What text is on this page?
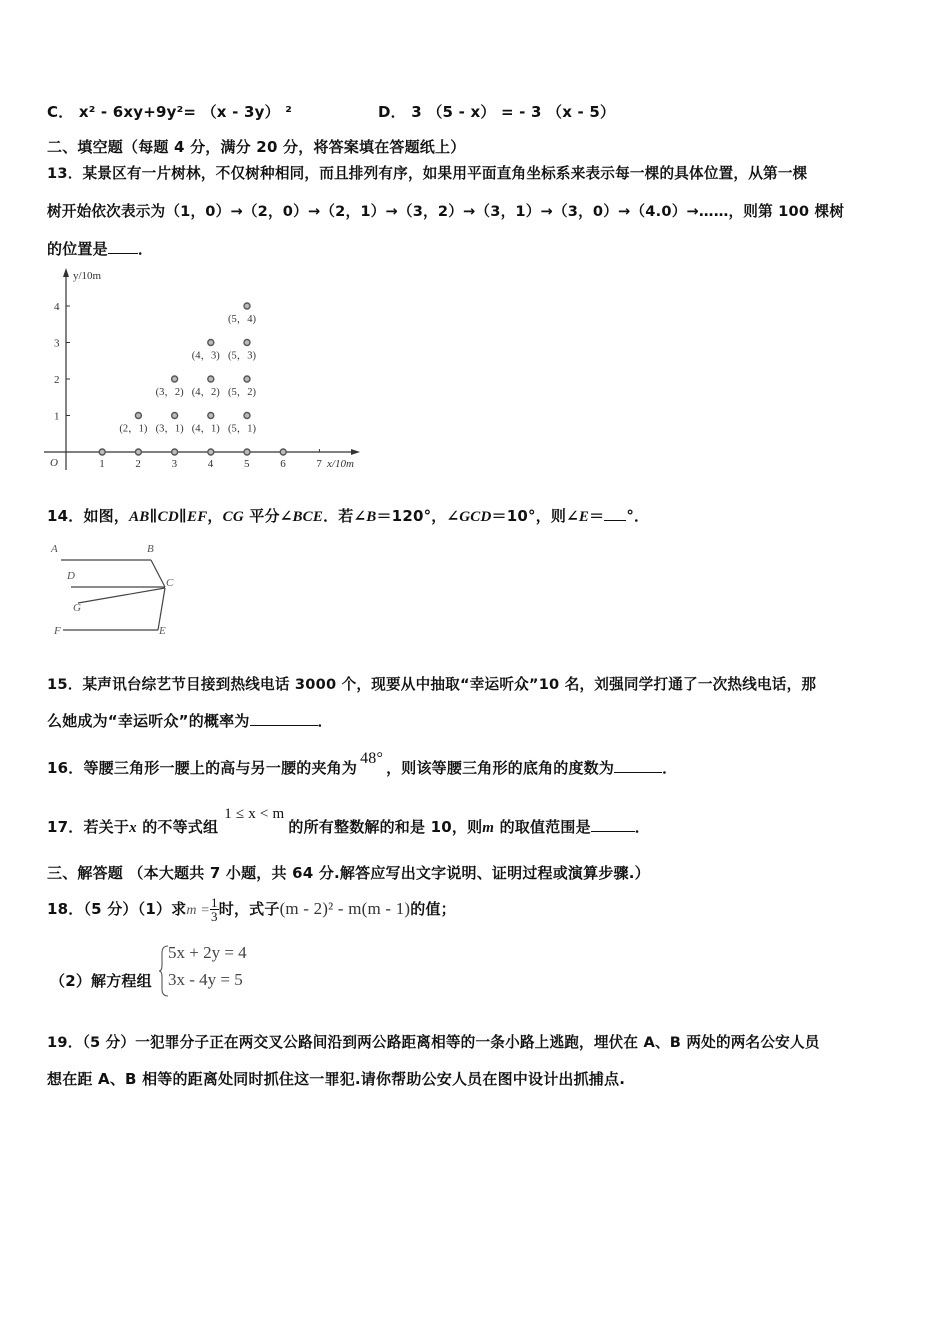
C． x² - 6xy+9y²= （x - 3y） ²	D． 3 （5 - x） = - 3 （x - 5）
二、填空题（每题 4 分，满分 20 分，将答案填在答题纸上）
13．某景区有一片树林，不仅树种相同，而且排列有序，如果用平面直角坐标系来表示每一棵的具体位置，从第一棵
树开始依次表示为（1，0）→（2，0）→（2，1）→（3，2）→（3，1）→（3，0）→（4.0）→……，则第 100 棵树
的位置是 ．
y/10m
x/10m
O	1	2	3	4	5	6	7
1
2
3
4
(2，1) (3，1) (4，1) (5，1)
(3，2) (4，2) (5，2)
(4，3) (5，3)
(5，4)
14．如图，AB∥CD∥EF，CG 平分∠BCE．若∠B＝120°，∠GCD＝10°，则∠E＝ °．
A	B
C
D
G
F	E
15．某声讯台综艺节目接到热线电话 3000 个，现要从中抽取“幸运听众”10 名，刘强同学打通了一次热线电话，那
么她成为“幸运听众”的概率为	．
16．等腰三角形一腰上的高与另一腰的夹角为48°，则该等腰三角形的底角的度数为	．
17．若关于x 的不等式组1 ≤ x < m的所有整数解的和是 10，则m 的取值范围是	．
三、解答题 （本大题共 7 小题，共 64 分.解答应写出文字说明、证明过程或演算步骤.）
18．（5 分）（1）求$m = \frac{1}{3}$ 时，式子(m - 2)² - m(m - 1)的值；
（2）解方程组
5x + 2y = 4
3x - 4y = 5
19．（5 分）一犯罪分子正在两交叉公路间沿到两公路距离相等的一条小路上逃跑，埋伏在 A、B 两处的两名公安人员
想在距 A、B 相等的距离处同时抓住这一罪犯.请你帮助公安人员在图中设计出抓捕点.
